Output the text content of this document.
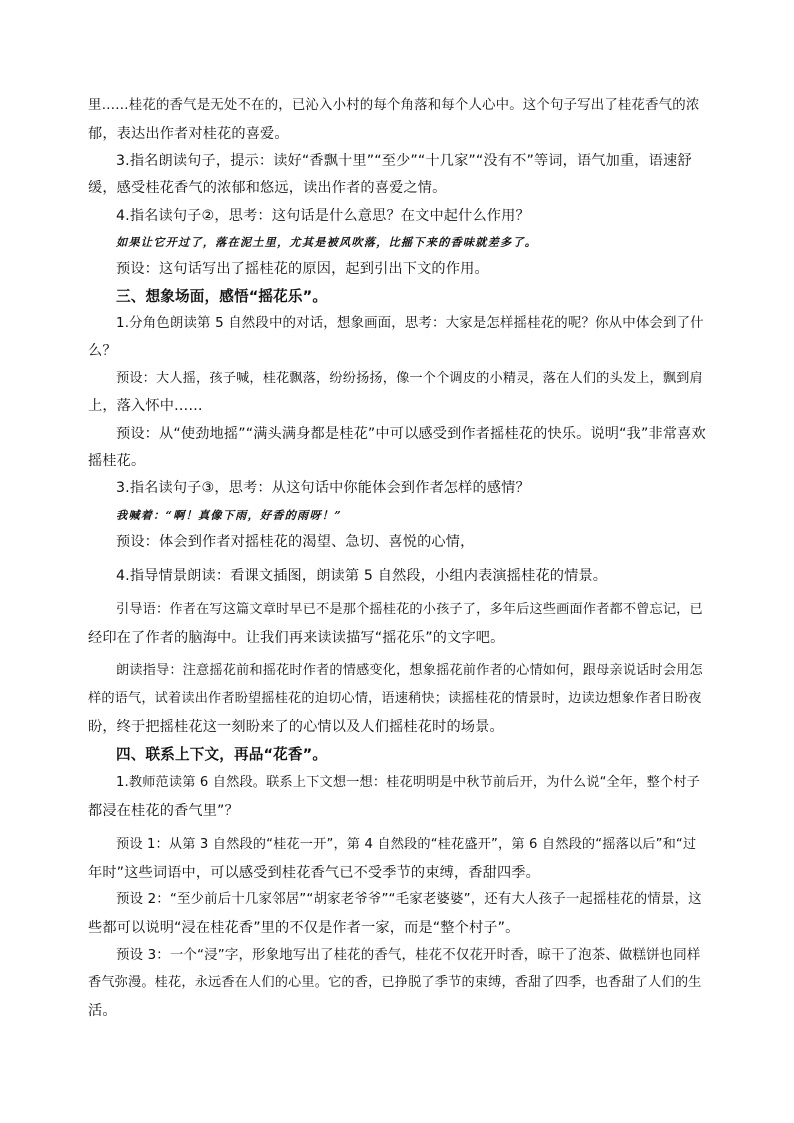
里……桂花的香气是无处不在的，已沁入小村的每个角落和每个人心中。这个句子写出了桂花香气的浓
郁，表达出作者对桂花的喜爱。
3.指名朗读句子，提示：读好“香飘十里”“至少”“十几家”“没有不”等词，语气加重，语速舒
缓，感受桂花香气的浓郁和悠远，读出作者的喜爱之情。
4.指名读句子②，思考：这句话是什么意思？在文中起什么作用？
如果让它开过了，落在泥土里，尤其是被风吹落，比摇下来的香味就差多了。
预设：这句话写出了摇桂花的原因，起到引出下文的作用。
三、想象场面，感悟“摇花乐”。
1.分角色朗读第 5 自然段中的对话，想象画面，思考：大家是怎样摇桂花的呢？你从中体会到了什
么？
预设：大人摇，孩子喊，桂花飘落，纷纷扬扬，像一个个调皮的小精灵，落在人们的头发上，飘到肩
上，落入怀中……
预设：从“使劲地摇”“满头满身都是桂花”中可以感受到作者摇桂花的快乐。说明“我”非常喜欢
摇桂花。
3.指名读句子③，思考：从这句话中你能体会到作者怎样的感情？
我喊着：“啊！真像下雨，好香的雨呀！”
预设：体会到作者对摇桂花的渴望、急切、喜悦的心情，
4.指导情景朗读：看课文插图，朗读第 5 自然段，小组内表演摇桂花的情景。
引导语：作者在写这篇文章时早已不是那个摇桂花的小孩子了，多年后这些画面作者都不曾忘记，已
经印在了作者的脑海中。让我们再来读读描写“摇花乐”的文字吧。
朗读指导：注意摇花前和摇花时作者的情感变化，想象摇花前作者的心情如何，跟母亲说话时会用怎
样的语气，试着读出作者盼望摇桂花的迫切心情，语速稍快；读摇桂花的情景时，边读边想象作者日盼夜
盼，终于把摇桂花这一刻盼来了的心情以及人们摇桂花时的场景。
四、联系上下文，再品“花香”。
1.教师范读第 6 自然段。联系上下文想一想：桂花明明是中秋节前后开，为什么说“全年，整个村子
都浸在桂花的香气里”？
预设 1：从第 3 自然段的“桂花一开”，第 4 自然段的“桂花盛开”，第 6 自然段的“摇落以后”和“过
年时”这些词语中，可以感受到桂花香气已不受季节的束缚，香甜四季。
预设 2：“至少前后十几家邻居”“胡家老爷爷”“毛家老婆婆”，还有大人孩子一起摇桂花的情景，这
些都可以说明“浸在桂花香”里的不仅是作者一家，而是“整个村子”。
预设 3：一个“浸”字，形象地写出了桂花的香气，桂花不仅花开时香，晾干了泡茶、做糕饼也同样
香气弥漫。桂花，永远香在人们的心里。它的香，已挣脱了季节的束缚，香甜了四季，也香甜了人们的生
活。
